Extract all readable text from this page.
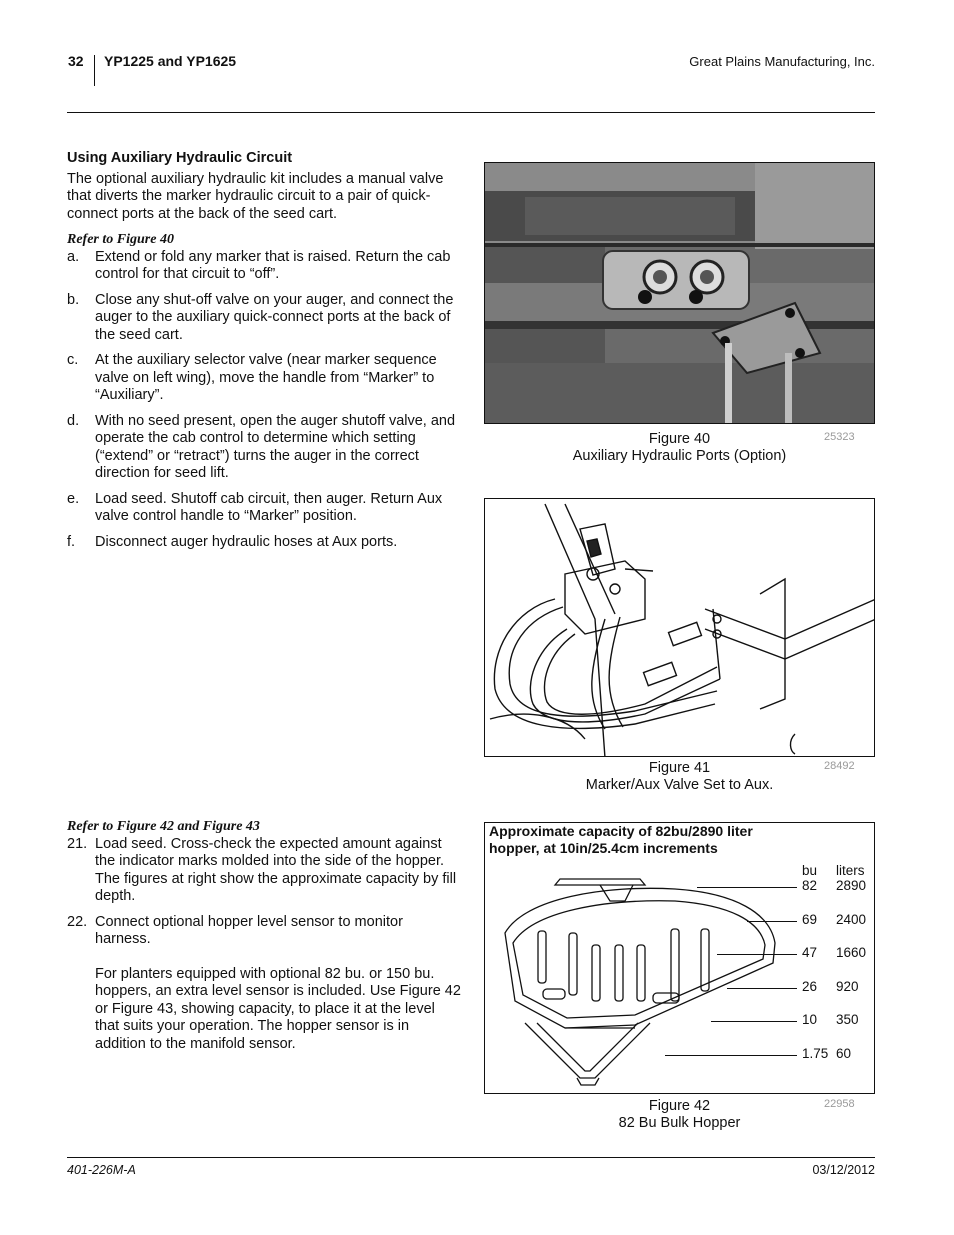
32 YP1225 and YP1625	Great Plains Manufacturing, Inc.
Using Auxiliary Hydraulic Circuit
The optional auxiliary hydraulic kit includes a manual valve that diverts the marker hydraulic circuit to a pair of quick-connect ports at the back of the seed cart.
Refer to Figure 40
a. Extend or fold any marker that is raised. Return the cab control for that circuit to “off”.
b. Close any shut-off valve on your auger, and connect the auger to the auxiliary quick-connect ports at the back of the seed cart.
c. At the auxiliary selector valve (near marker sequence valve on left wing), move the handle from “Marker” to “Auxiliary”.
d. With no seed present, open the auger shutoff valve, and operate the cab control to determine which setting (“extend” or “retract”) turns the auger in the correct direction for seed lift.
e. Load seed. Shutoff cab circuit, then auger. Return Aux valve control handle to “Marker” position.
f. Disconnect auger hydraulic hoses at Aux ports.
Refer to Figure 42 and Figure 43
21. Load seed. Cross-check the expected amount against the indicator marks molded into the side of the hopper. The figures at right show the approximate capacity by fill depth.
22. Connect optional hopper level sensor to monitor harness.
For planters equipped with optional 82 bu. or 150 bu. hoppers, an extra level sensor is included. Use Figure 42 or Figure 43, showing capacity, to place it at the level that suits your operation. The hopper sensor is in addition to the manifold sensor.
Figure 40
Auxiliary Hydraulic Ports (Option)
25323
Figure 41
Marker/Aux Valve Set to Aux.
28492
Approximate capacity of 82bu/2890 liter hopper, at 10in/25.4cm increments
bu liters
82 2890
69 2400
47 1660
26 920
10 350
1.75 60
Figure 42
82 Bu Bulk Hopper
22958
401-226M-A	03/12/2012
